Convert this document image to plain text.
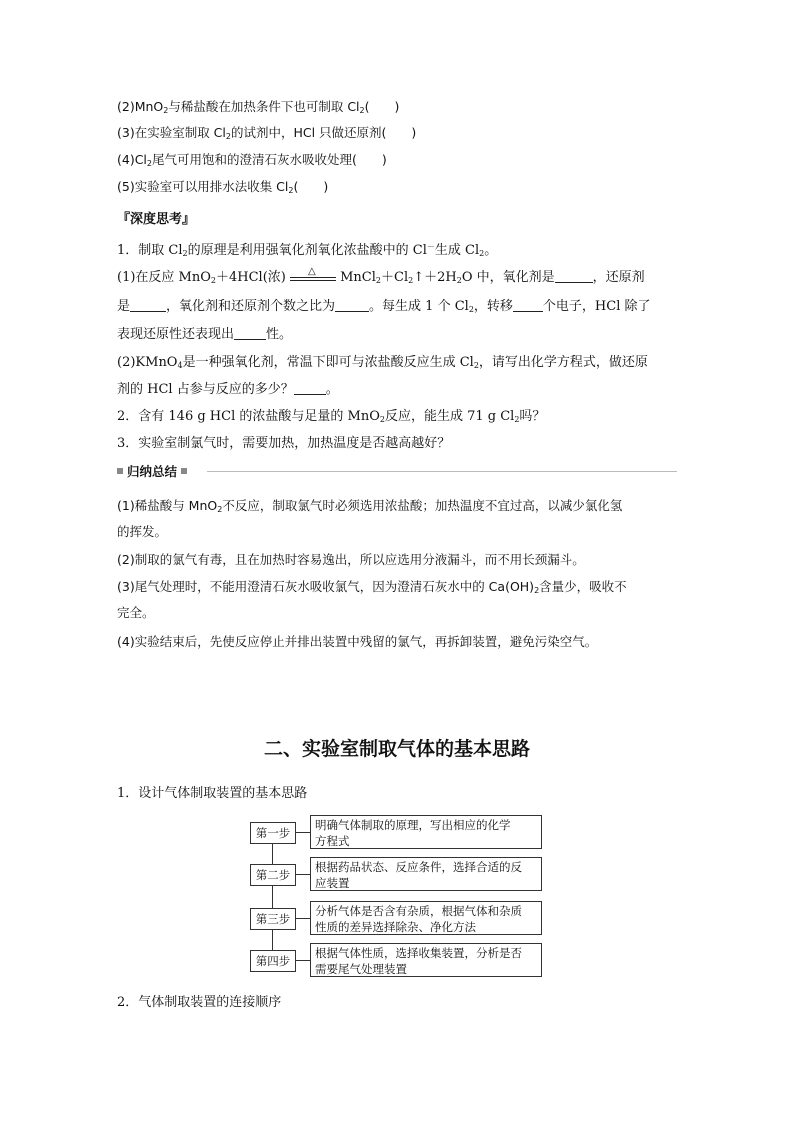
(2)MnO$_2$与稀盐酸在加热条件下也可制取 $Cl_2$(　　)
(3)在实验室制取 $Cl_2$的试剂中，HCl 只做还原剂(　　)
$(4)Cl_2$尾气可用饱和的澄清石灰水吸收处理(　　)
(5)实验室可以用排水法收集 $Cl_2$(　　)
『深度思考』
1．制取 $Cl_2$的原理是利用强氧化剂氧化浓盐酸中的 Cl－生成 $Cl_2$。
(1)在反应 MnO$_2$＋4HCl(浓) △ $MnCl_2+Cl_2↑+2H_2O$ 中，氧化剂是	，还原剂
是	，氧化剂和还原剂个数之比为	。每生成 1 个 $Cl_2$，转移 个电子，HCl 除了
表现还原性还表现出 性。
(2)KMnO$_4$是一种强氧化剂，常温下即可与浓盐酸反应生成 $Cl_2$，请写出化学方程式，做还原
剂的 HCl 占参与反应的多少？ 。
2．含有 146 g HCl 的浓盐酸与足量的 MnO$_2$反应，能生成 71 g $Cl_2$吗？
3．实验室制氯气时，需要加热，加热温度是否越高越好？
归纳总结
(1)稀盐酸与 MnO$_2$不反应，制取氯气时必须选用浓盐酸；加热温度不宜过高，以减少氯化氢
的挥发。
(2)制取的氯气有毒，且在加热时容易逸出，所以应选用分液漏斗，而不用长颈漏斗。
(3)尾气处理时，不能用澄清石灰水吸收氯气，因为澄清石灰水中的 $Ca(OH)_2$含量少，吸收不
完全。
(4)实验结束后，先使反应停止并排出装置中残留的氯气，再拆卸装置，避免污染空气。
二、实验室制取气体的基本思路
1．设计气体制取装置的基本思路
第一步
明确气体制取的原理，写出相应的化学
方程式
第二步
根据药品状态、反应条件，选择合适的反
应装置
第三步
分析气体是否含有杂质，根据气体和杂质
性质的差异选择除杂、净化方法
第四步
根据气体性质，选择收集装置，分析是否
需要尾气处理装置
2．气体制取装置的连接顺序
